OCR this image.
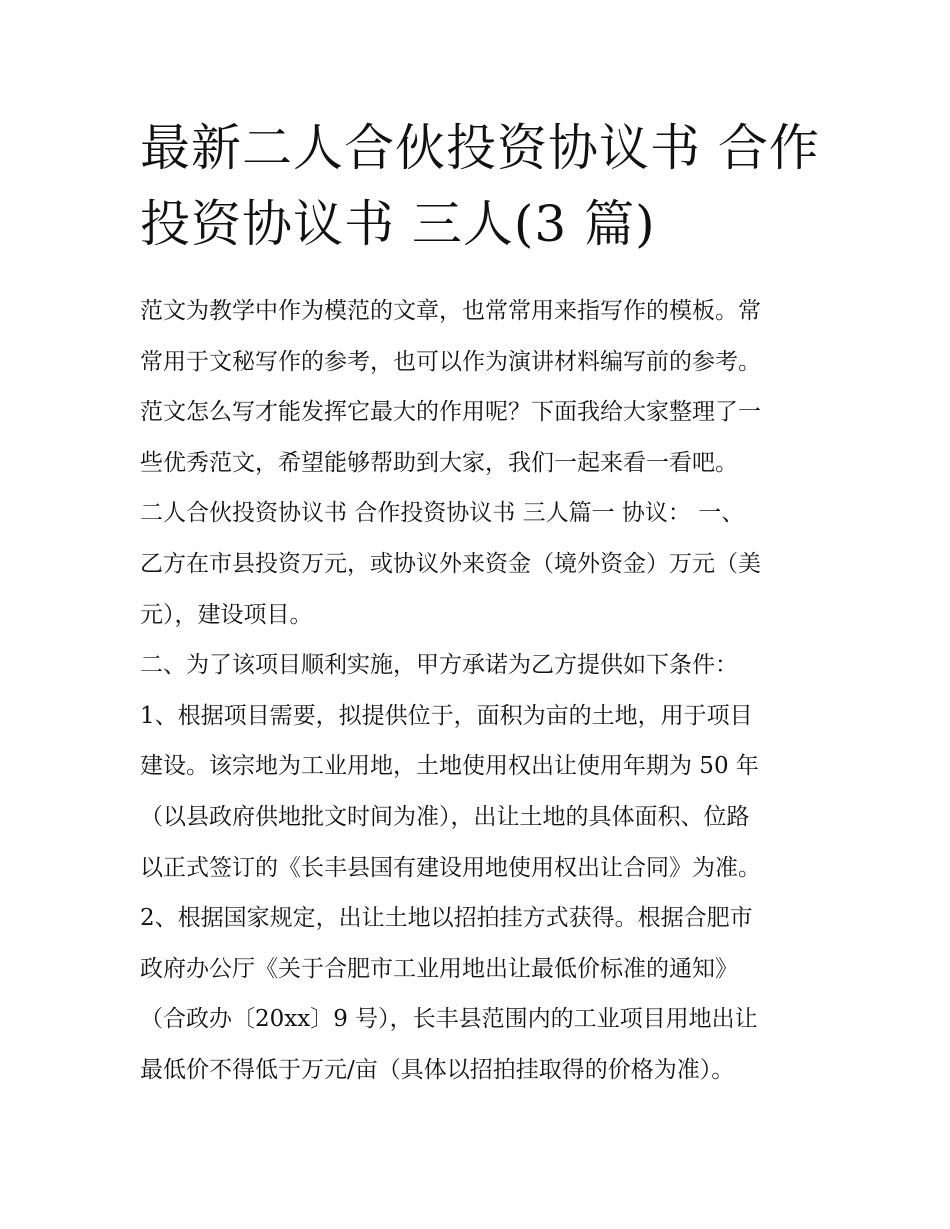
最新二人合伙投资协议书 合作
投资协议书 三人(3 篇)
范文为教学中作为模范的文章，也常常用来指写作的模板。常
常用于文秘写作的参考，也可以作为演讲材料编写前的参考。
范文怎么写才能发挥它最大的作用呢？下面我给大家整理了一
些优秀范文，希望能够帮助到大家，我们一起来看一看吧。
二人合伙投资协议书 合作投资协议书 三人篇一 协议： 一、
乙方在市县投资万元，或协议外来资金（境外资金）万元（美
元），建设项目。
二、为了该项目顺利实施，甲方承诺为乙方提供如下条件：
1、根据项目需要，拟提供位于，面积为亩的土地，用于项目
建设。该宗地为工业用地，土地使用权出让使用年期为 50 年
（以县政府供地批文时间为准），出让土地的具体面积、位路
以正式签订的《长丰县国有建设用地使用权出让合同》为准。
2、根据国家规定，出让土地以招拍挂方式获得。根据合肥市
政府办公厅《关于合肥市工业用地出让最低价标准的通知》
（合政办〔20xx〕9 号），长丰县范围内的工业项目用地出让
最低价不得低于万元/亩（具体以招拍挂取得的价格为准）。
